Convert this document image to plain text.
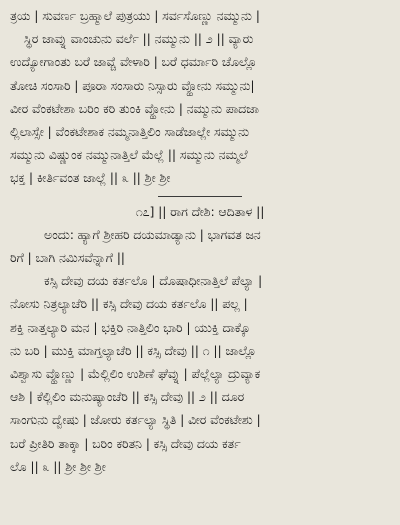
ತ್ರಯ | ಸುವರ್ಣ ಬ್ರಹ್ಮಾಲೆ ಪುತ್ರಯು | ಸರ್ವಸೊಣ್ಣು ನಮ್ಮುನು |
ಸ್ಥಿರ ಜಾವ್ನು ವಾಂಚುನು ವರ್ಲೆ || ನಮ್ಮುನು || ೨ || ವ್ಯಾರು
ಉದ್ಯೋಗಾಂತು ಬರೆ ಜಾವ್ಚೆ ವೇಳಾರಿ | ಬರೆ ಧರ್ಮಾರಿ ಚೊಲ್ಲೊ
ತೋಚಿ ಸಂಸಾರಿ | ಪೂರಾ ಸಂಸಾರು ನಿಸ್ಸಾರು ವ್ಹೋನು ಸಮ್ಮುನು|
ವೀರ ವೆಂಕಟೇಶಾ ಬರಿಂ ಕರಿ ತುಂಕಿ ವ್ಹೋನು | ನಮ್ಮುನು ಪಾದಜಾ
ಲ್ಲಿಲಾಸ್ಸೇ | ವೆಂಕಟೇಶಾಕ ನಮ್ಮನಾತ್ತಿಲಿಂ ಸಾಡೆಜಾಲ್ಲೇ ಸಮ್ಮುನು
ಸಮ್ಮುನು ವಿಷ್ಣುಂಕ ನಮ್ಮುನಾತ್ತಿಲೆ ಮೆಲ್ಲೆ || ಸಮ್ಮುನು ನಮ್ಮಲೆ
ಭಕ್ತ | ಕೀರ್ತಿವಂತ ಜಾಲ್ಲೆ || ೩ || ಶ್ರೀ ಶ್ರೀ
೧೭] || ರಾಗ ದೇಶಿ: ಆದಿತಾಳ ||
ಅಂದು: ಹ್ಯಾಗೆ ಶ್ರೀಹರಿ ದಯಮಾಡ್ಯಾನು | ಭಾಗವತ ಜನ
ರಿಗೆ | ಬಾಗಿ ನಮಿಸವೆನ್ನಾಗೆ ||
ಕಸ್ಸಿ ದೇವು ದಯ ಕರ್ತಲೊ | ದೊಷಾಧೀನಾತ್ತಿಲೆ ಪೆಲ್ಯಾ |
ನೋಸು ನಿತ್ರಲ್ಯಾಚೆರಿ || ಕಸ್ಸಿ ದೇವು ದಯ ಕರ್ತಲೊ || ಪಲ್ಲ |
ಶಕ್ತಿ ನಾತ್ತಲ್ಯಾರಿ ಮನ | ಭಕ್ತಿರಿ ನಾತ್ತಿಲಿಂ ಭಾರಿ | ಯುಕ್ತಿ ದಾಕ್ಕೊ
ನು ಬರಿ | ಮುಕ್ತಿ ಮಾಗ್ತಲ್ಯಾಚೆರಿ || ಕಸ್ಸಿ ದೇವು || ೧ || ಜಾಲ್ಲೊ
ವಿಶ್ವಾಸು ವ್ಹೊಣ್ಣು | ಮೆಲ್ಲಿಲಿಂ ಉಶಿಣೆ ಘೆವ್ನು | ಪೆಲ್ಲೆಲ್ಯಾ ದ್ರುವ್ಯಾಕ
ಆಶಿ | ಕೆಲ್ಲಿಲಿಂ ಮನುಷ್ಯಾಂಚೆರಿ || ಕಸ್ಸಿ ದೇವು || ೨ || ದೂರ
ಸಾಂಗುನು ದ್ವೇಷು | ಜೋರು ಕರ್ತಲ್ಯಾ ಸ್ಥಿತಿ | ವೀರ ವೆಂಕಟೇಶು |
ಬರೆ ಪ್ರೀತಿರಿ ತಾಕ್ಕಾ | ಬರಿಂ ಕರಿತನಿ | ಕಸ್ಸಿ ದೇವು ದಯ ಕರ್ತ
ಲೊ || ೩ || ಶ್ರೀ ಶ್ರೀ ಶ್ರೀ
